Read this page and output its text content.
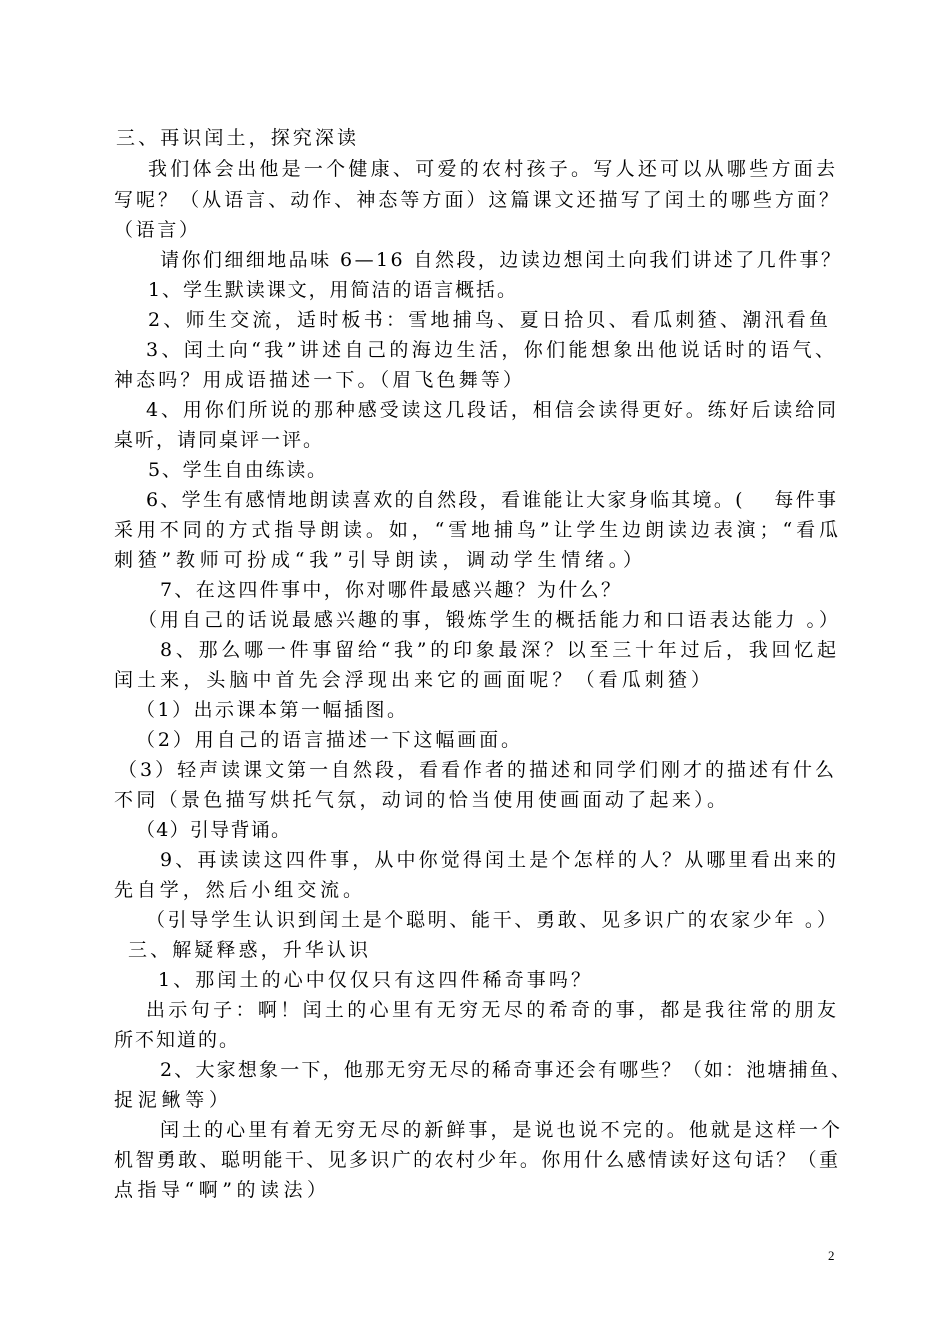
三、再识闰土，探究深读
我们体会出他是一个健康、可爱的农村孩子。写人还可以从哪些方面去
写呢？（从语言、动作、神态等方面）这篇课文还描写了闰土的哪些方面？
（语言）
请你们细细地品味 6—16 自然段，边读边想闰土向我们讲述了几件事？
1、学生默读课文，用简洁的语言概括。
2、师生交流，适时板书：雪地捕鸟、夏日拾贝、看瓜刺猹、潮汛看鱼
3、闰土向“我”讲述自己的海边生活，你们能想象出他说话时的语气、
神态吗？用成语描述一下。（眉飞色舞等）
4、用你们所说的那种感受读这几段话，相信会读得更好。练好后读给同
桌听，请同桌评一评。
5、学生自由练读。
6、学生有感情地朗读喜欢的自然段，看谁能让大家身临其境。(　 每件事
采用不同的方式指导朗读。如，“雪地捕鸟”让学生边朗读边表演；“看瓜
刺猹”教师可扮成“我”引导朗读，调动学生情绪。）
7、在这四件事中，你对哪件最感兴趣？为什么？
（用自己的话说最感兴趣的事，锻炼学生的概括能力和口语表达能力 。）
8、那么哪一件事留给“我”的印象最深？以至三十年过后，我回忆起
闰土来，头脑中首先会浮现出来它的画面呢？（看瓜刺猹）
（1）出示课本第一幅插图。
（2）用自己的语言描述一下这幅画面。
（3）轻声读课文第一自然段，看看作者的描述和同学们刚才的描述有什么
不同（景色描写烘托气氛，动词的恰当使用使画面动了起来）。
（4）引导背诵。
9、再读读这四件事，从中你觉得闰土是个怎样的人？从哪里看出来的
先自学，然后小组交流。
（引导学生认识到闰土是个聪明、能干、勇敢、见多识广的农家少年 。）
三、解疑释惑，升华认识
1、那闰土的心中仅仅只有这四件稀奇事吗？
出示句子：啊！闰土的心里有无穷无尽的希奇的事，都是我往常的朋友
所不知道的。
2、大家想象一下，他那无穷无尽的稀奇事还会有哪些？（如：池塘捕鱼、
捉泥鳅等）
闰土的心里有着无穷无尽的新鲜事，是说也说不完的。他就是这样一个
机智勇敢、聪明能干、见多识广的农村少年。你用什么感情读好这句话？（重
点指导“啊”的读法）
2
